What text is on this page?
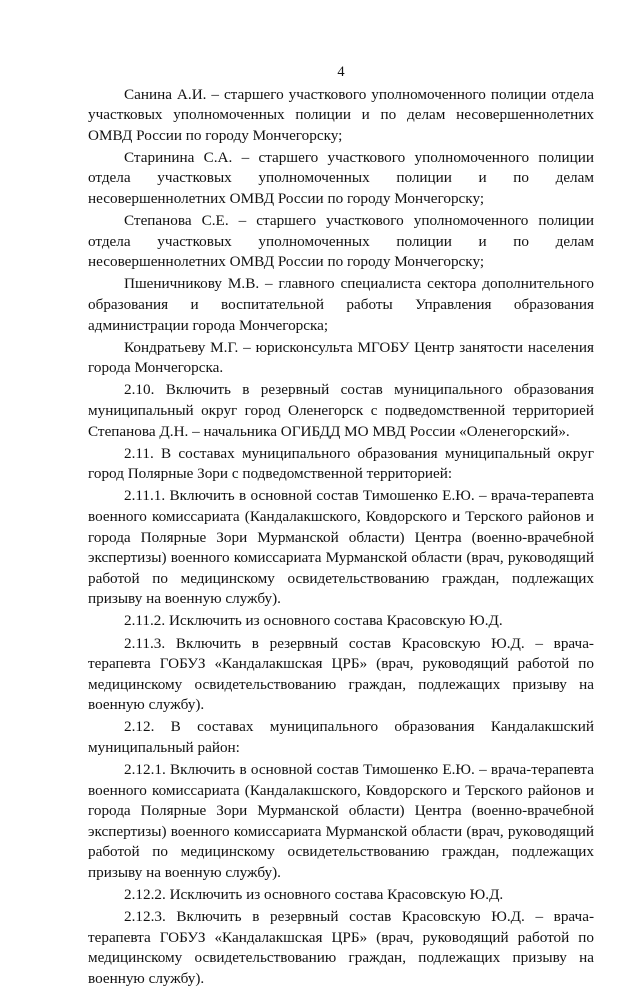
4

Санина А.И. – старшего участкового уполномоченного полиции отдела участковых уполномоченных полиции и по делам несовершеннолетних ОМВД России по городу Мончегорску;

Старинина С.А. – старшего участкового уполномоченного полиции отдела участковых уполномоченных полиции и по делам несовершеннолетних ОМВД России по городу Мончегорску;

Степанова С.Е. – старшего участкового уполномоченного полиции отдела участковых уполномоченных полиции и по делам несовершеннолетних ОМВД России по городу Мончегорску;

Пшеничникову М.В. – главного специалиста сектора дополнительного образования и воспитательной работы Управления образования администрации города Мончегорска;

Кондратьеву М.Г. – юрисконсульта МГОБУ Центр занятости населения города Мончегорска.

2.10. Включить в резервный состав муниципального образования муниципальный округ город Оленегорск с подведомственной территорией Степанова Д.Н. – начальника ОГИБДД МО МВД России «Оленегорский».

2.11. В составах муниципального образования муниципальный округ город Полярные Зори с подведомственной территорией:

2.11.1. Включить в основной состав Тимошенко Е.Ю. – врача-терапевта военного комиссариата (Кандалакшского, Ковдорского и Терского районов и города Полярные Зори Мурманской области) Центра (военно-врачебной экспертизы) военного комиссариата Мурманской области (врач, руководящий работой по медицинскому освидетельствованию граждан, подлежащих призыву на военную службу).

2.11.2. Исключить из основного состава Красовскую Ю.Д.

2.11.3. Включить в резервный состав Красовскую Ю.Д. – врача-терапевта ГОБУЗ «Кандалакшская ЦРБ» (врач, руководящий работой по медицинскому освидетельствованию граждан, подлежащих призыву на военную службу).

2.12. В составах муниципального образования Кандалакшский муниципальный район:

2.12.1. Включить в основной состав Тимошенко Е.Ю. – врача-терапевта военного комиссариата (Кандалакшского, Ковдорского и Терского районов и города Полярные Зори Мурманской области) Центра (военно-врачебной экспертизы) военного комиссариата Мурманской области (врач, руководящий работой по медицинскому освидетельствованию граждан, подлежащих призыву на военную службу).

2.12.2. Исключить из основного состава Красовскую Ю.Д.

2.12.3. Включить в резервный состав Красовскую Ю.Д. – врача-терапевта ГОБУЗ «Кандалакшская ЦРБ» (врач, руководящий работой по медицинскому освидетельствованию граждан, подлежащих призыву на военную службу).
